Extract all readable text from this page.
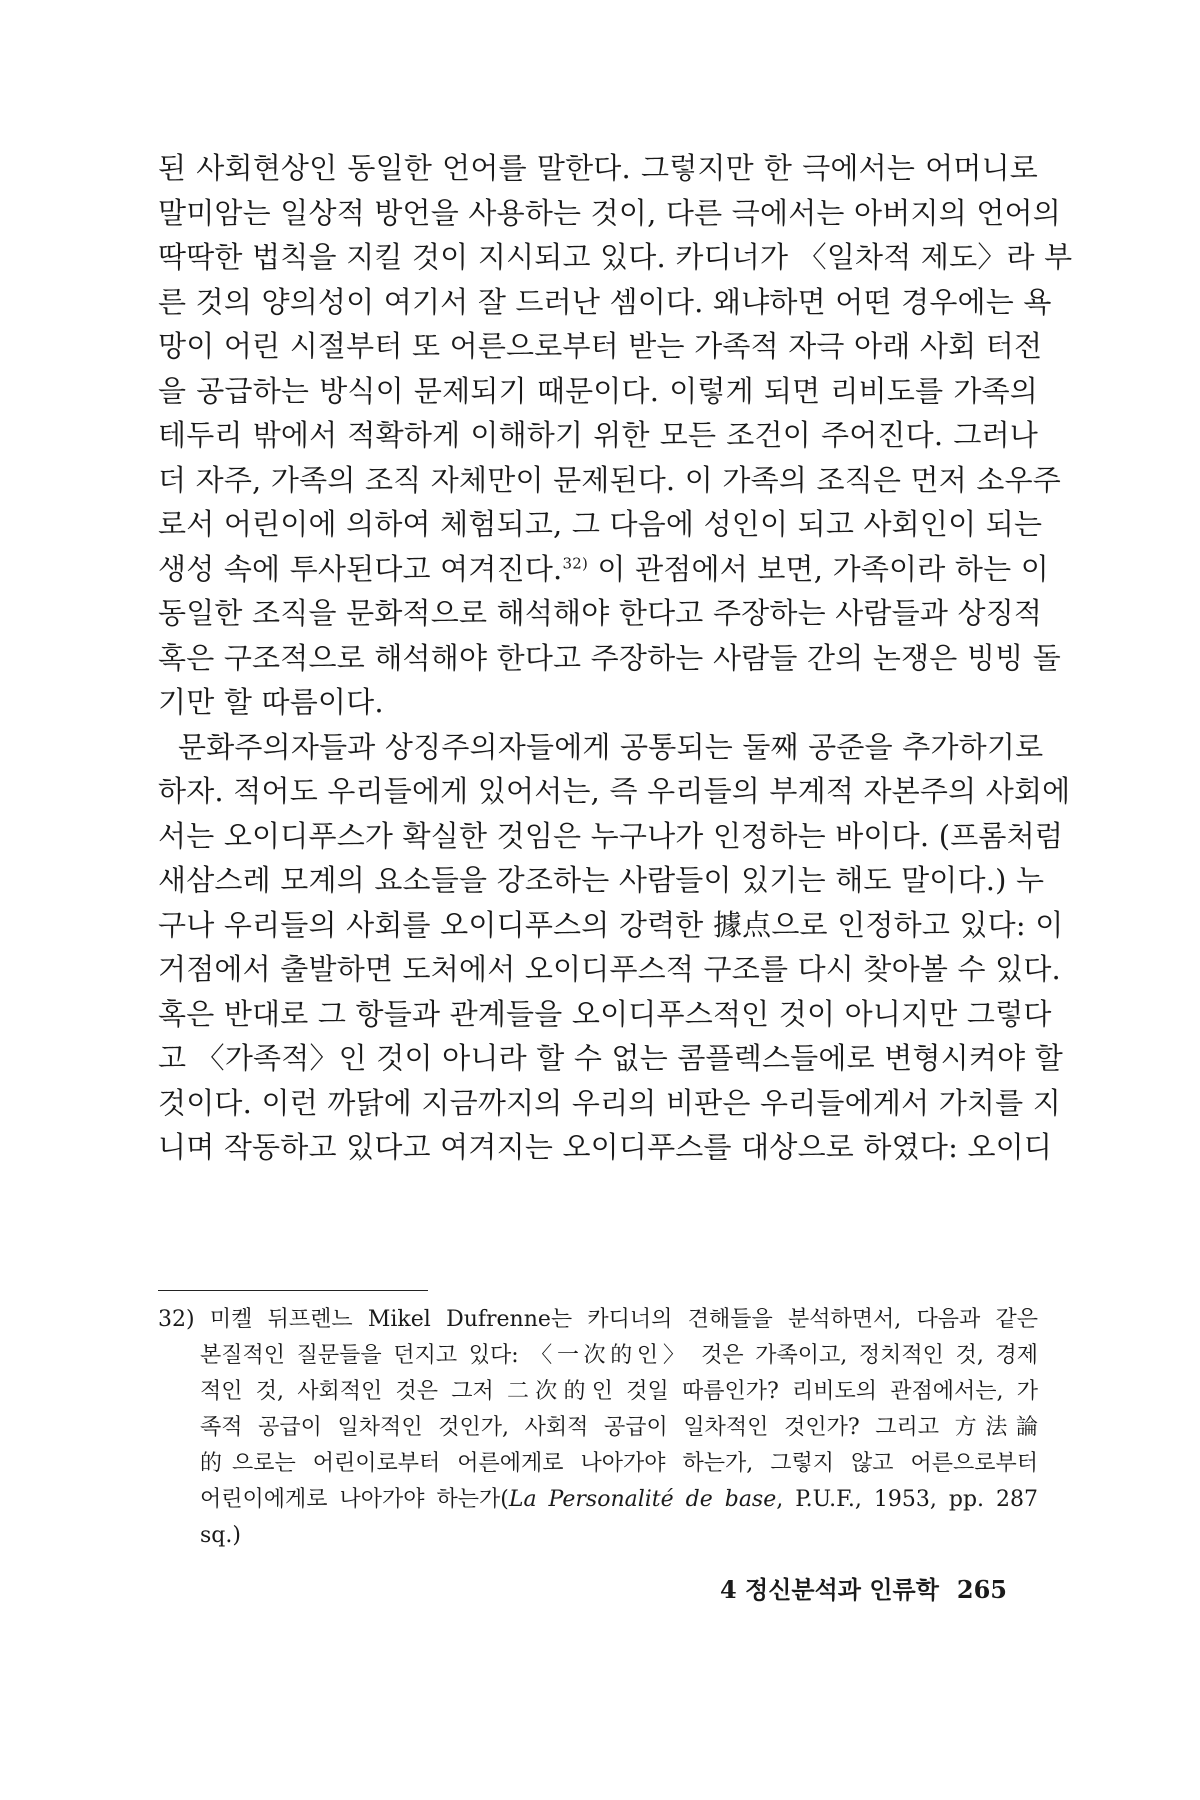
된 사회현상인 동일한 언어를 말한다. 그렇지만 한 극에서는 어머니로
말미암는 일상적 방언을 사용하는 것이, 다른 극에서는 아버지의 언어의
딱딱한 법칙을 지킬 것이 지시되고 있다. 카디너가 〈일차적 제도〉라 부
른 것의 양의성이 여기서 잘 드러난 셈이다. 왜냐하면 어떤 경우에는 욕
망이 어린 시절부터 또 어른으로부터 받는 가족적 자극 아래 사회 터전
을 공급하는 방식이 문제되기 때문이다. 이렇게 되면 리비도를 가족의
테두리 밖에서 적확하게 이해하기 위한 모든 조건이 주어진다. 그러나
더 자주, 가족의 조직 자체만이 문제된다. 이 가족의 조직은 먼저 소우주
로서 어린이에 의하여 체험되고, 그 다음에 성인이 되고 사회인이 되는
생성 속에 투사된다고 여겨진다.$^{32)}$ 이 관점에서 보면, 가족이라 하는 이
동일한 조직을 문화적으로 해석해야 한다고 주장하는 사람들과 상징적
혹은 구조적으로 해석해야 한다고 주장하는 사람들 간의 논쟁은 빙빙 돌
기만 할 따름이다.
문화주의자들과 상징주의자들에게 공통되는 둘째 공준을 추가하기로
하자. 적어도 우리들에게 있어서는, 즉 우리들의 부계적 자본주의 사회에
서는 오이디푸스가 확실한 것임은 누구나가 인정하는 바이다. (프롬처럼
새삼스레 모계의 요소들을 강조하는 사람들이 있기는 해도 말이다.) 누
구나 우리들의 사회를 오이디푸스의 강력한 據点으로 인정하고 있다: 이
거점에서 출발하면 도처에서 오이디푸스적 구조를 다시 찾아볼 수 있다.
혹은 반대로 그 항들과 관계들을 오이디푸스적인 것이 아니지만 그렇다
고 〈가족적〉인 것이 아니라 할 수 없는 콤플렉스들에로 변형시켜야 할
것이다. 이런 까닭에 지금까지의 우리의 비판은 우리들에게서 가치를 지
니며 작동하고 있다고 여겨지는 오이디푸스를 대상으로 하였다: 오이디
32) 미켈 뒤프렌느 Mikel Dufrenne는 카디너의 견해들을 분석하면서, 다음과 같은
본질적인 질문들을 던지고 있다: 〈一次的인〉 것은 가족이고, 정치적인 것, 경제
적인 것, 사회적인 것은 그저 二次的인 것일 따름인가? 리비도의 관점에서는, 가
족적 공급이 일차적인 것인가, 사회적 공급이 일차적인 것인가? 그리고 方法論
的으로는 어린이로부터 어른에게로 나아가야 하는가, 그렇지 않고 어른으로부터
어린이에게로 나아가야 하는가(La Personalité de base, P.U.F., 1953, pp. 287
sq.)
4 정신분석과 인류학 265
